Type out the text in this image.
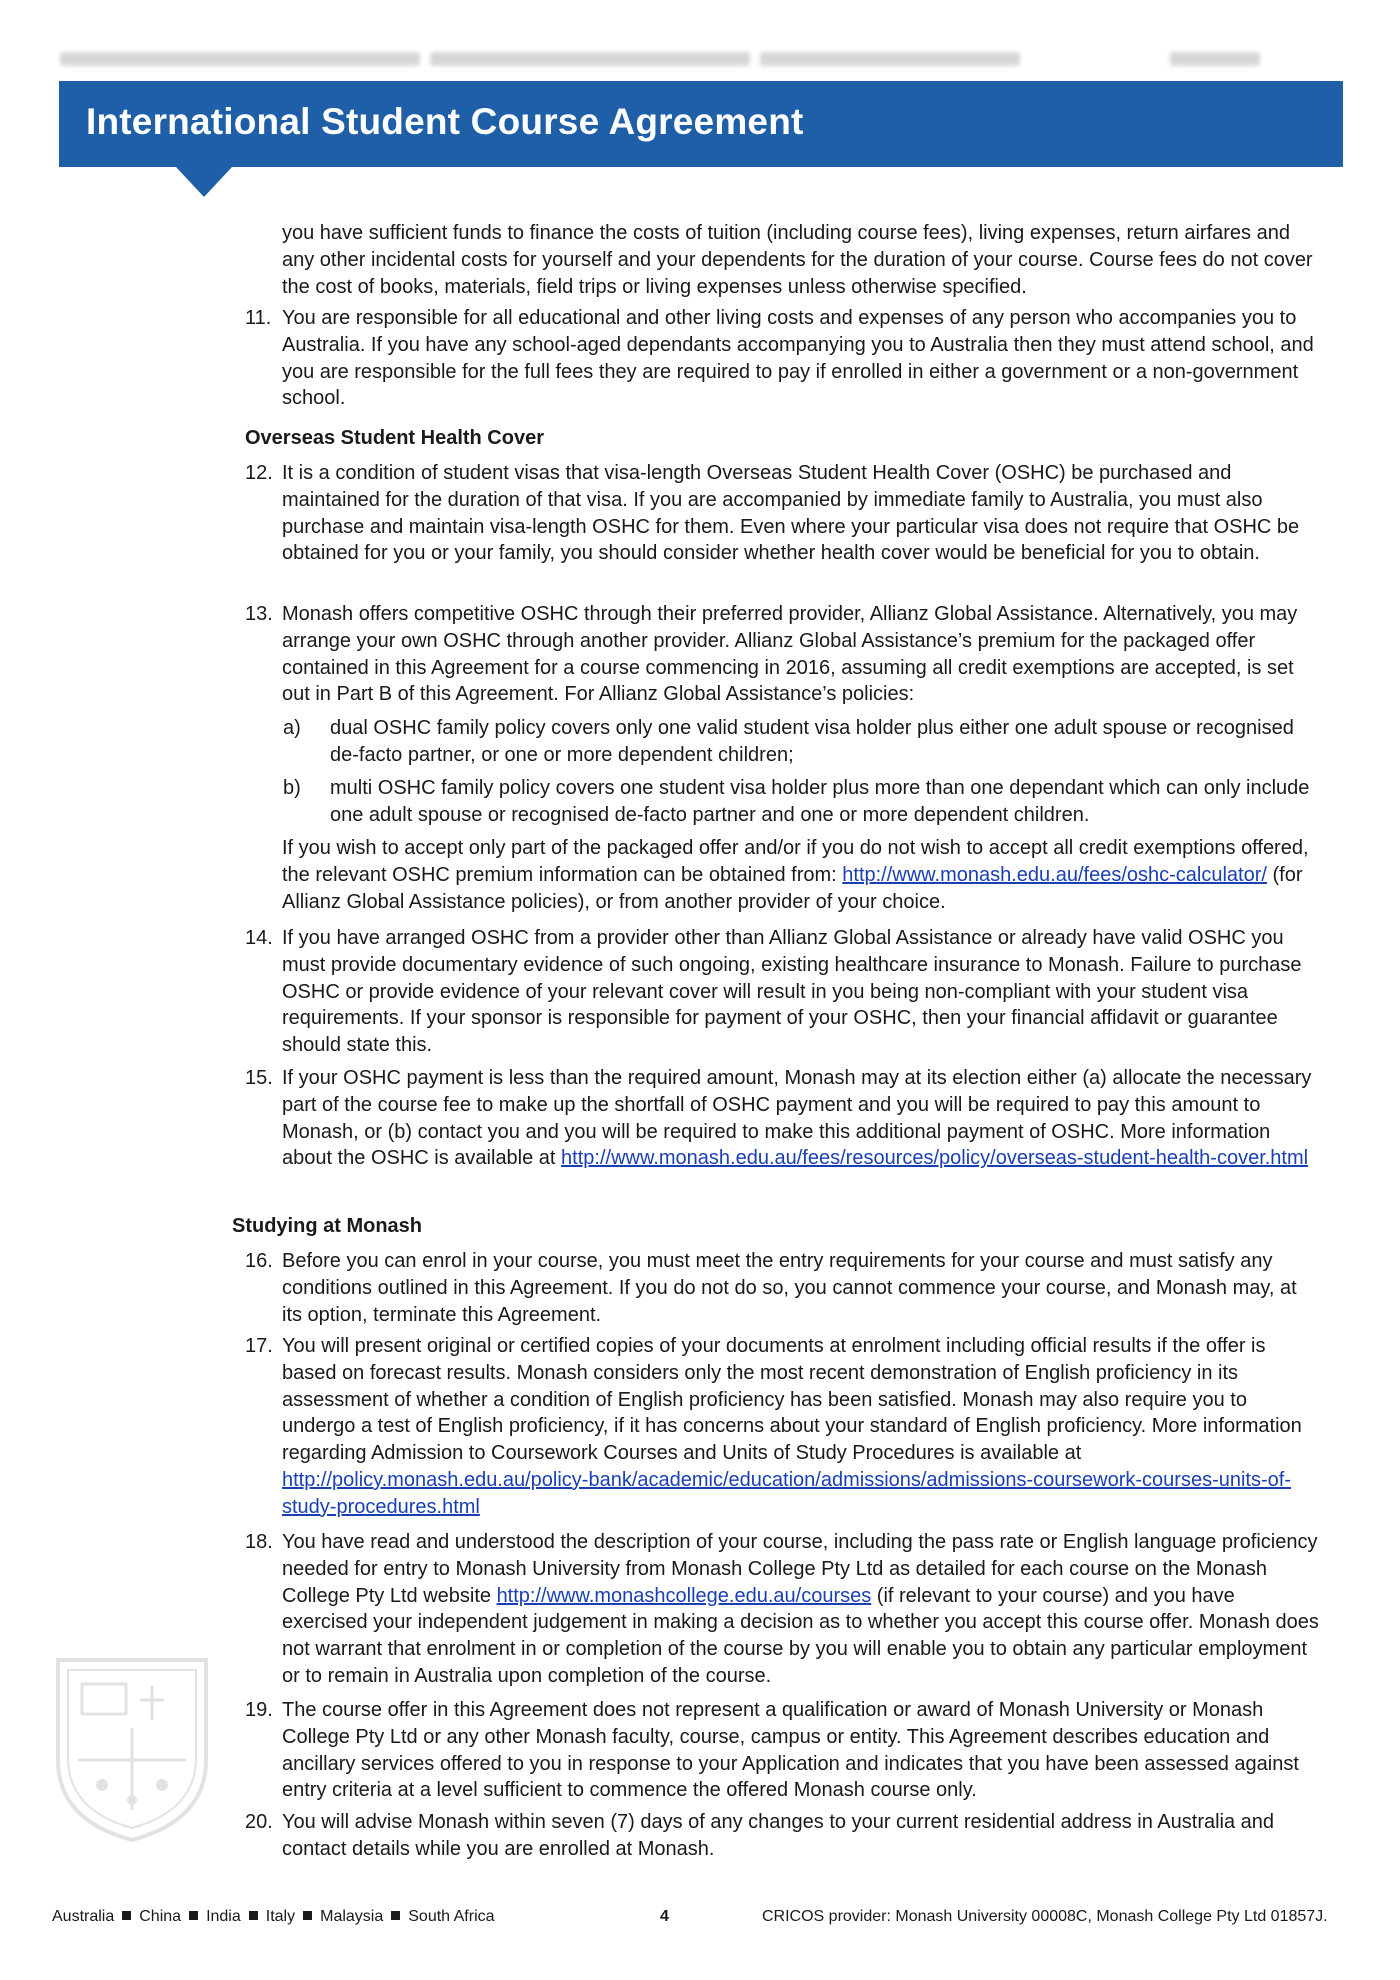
International Student Course Agreement

you have sufficient funds to finance the costs of tuition (including course fees), living expenses, return airfares and any other incidental costs for yourself and your dependents for the duration of your course. Course fees do not cover the cost of books, materials, field trips or living expenses unless otherwise specified.

11. You are responsible for all educational and other living costs and expenses of any person who accompanies you to Australia. If you have any school-aged dependants accompanying you to Australia then they must attend school, and you are responsible for the full fees they are required to pay if enrolled in either a government or a non-government school.

Overseas Student Health Cover

12. It is a condition of student visas that visa-length Overseas Student Health Cover (OSHC) be purchased and maintained for the duration of that visa. If you are accompanied by immediate family to Australia, you must also purchase and maintain visa-length OSHC for them. Even where your particular visa does not require that OSHC be obtained for you or your family, you should consider whether health cover would be beneficial for you to obtain.

13. Monash offers competitive OSHC through their preferred provider, Allianz Global Assistance. Alternatively, you may arrange your own OSHC through another provider. Allianz Global Assistance’s premium for the packaged offer contained in this Agreement for a course commencing in 2016, assuming all credit exemptions are accepted, is set out in Part B of this Agreement. For Allianz Global Assistance’s policies:

a) dual OSHC family policy covers only one valid student visa holder plus either one adult spouse or recognised de-facto partner, or one or more dependent children;

b) multi OSHC family policy covers one student visa holder plus more than one dependant which can only include one adult spouse or recognised de-facto partner and one or more dependent children.

If you wish to accept only part of the packaged offer and/or if you do not wish to accept all credit exemptions offered, the relevant OSHC premium information can be obtained from: http://www.monash.edu.au/fees/oshc-calculator/ (for Allianz Global Assistance policies), or from another provider of your choice.

14. If you have arranged OSHC from a provider other than Allianz Global Assistance or already have valid OSHC you must provide documentary evidence of such ongoing, existing healthcare insurance to Monash. Failure to purchase OSHC or provide evidence of your relevant cover will result in you being non-compliant with your student visa requirements. If your sponsor is responsible for payment of your OSHC, then your financial affidavit or guarantee should state this.

15. If your OSHC payment is less than the required amount, Monash may at its election either (a) allocate the necessary part of the course fee to make up the shortfall of OSHC payment and you will be required to pay this amount to Monash, or (b) contact you and you will be required to make this additional payment of OSHC. More information about the OSHC is available at http://www.monash.edu.au/fees/resources/policy/overseas-student-health-cover.html

Studying at Monash

16. Before you can enrol in your course, you must meet the entry requirements for your course and must satisfy any conditions outlined in this Agreement. If you do not do so, you cannot commence your course, and Monash may, at its option, terminate this Agreement.

17. You will present original or certified copies of your documents at enrolment including official results if the offer is based on forecast results. Monash considers only the most recent demonstration of English proficiency in its assessment of whether a condition of English proficiency has been satisfied. Monash may also require you to undergo a test of English proficiency, if it has concerns about your standard of English proficiency. More information regarding Admission to Coursework Courses and Units of Study Procedures is available at http://policy.monash.edu.au/policy-bank/academic/education/admissions/admissions-coursework-courses-units-of-study-procedures.html

18. You have read and understood the description of your course, including the pass rate or English language proficiency needed for entry to Monash University from Monash College Pty Ltd as detailed for each course on the Monash College Pty Ltd website http://www.monashcollege.edu.au/courses (if relevant to your course) and you have exercised your independent judgement in making a decision as to whether you accept this course offer. Monash does not warrant that enrolment in or completion of the course by you will enable you to obtain any particular employment or to remain in Australia upon completion of the course.

19. The course offer in this Agreement does not represent a qualification or award of Monash University or Monash College Pty Ltd or any other Monash faculty, course, campus or entity. This Agreement describes education and ancillary services offered to you in response to your Application and indicates that you have been assessed against entry criteria at a level sufficient to commence the offered Monash course only.

20. You will advise Monash within seven (7) days of any changes to your current residential address in Australia and contact details while you are enrolled at Monash.

Australia China India Italy Malaysia South Africa	4	CRICOS provider: Monash University 00008C, Monash College Pty Ltd 01857J.
